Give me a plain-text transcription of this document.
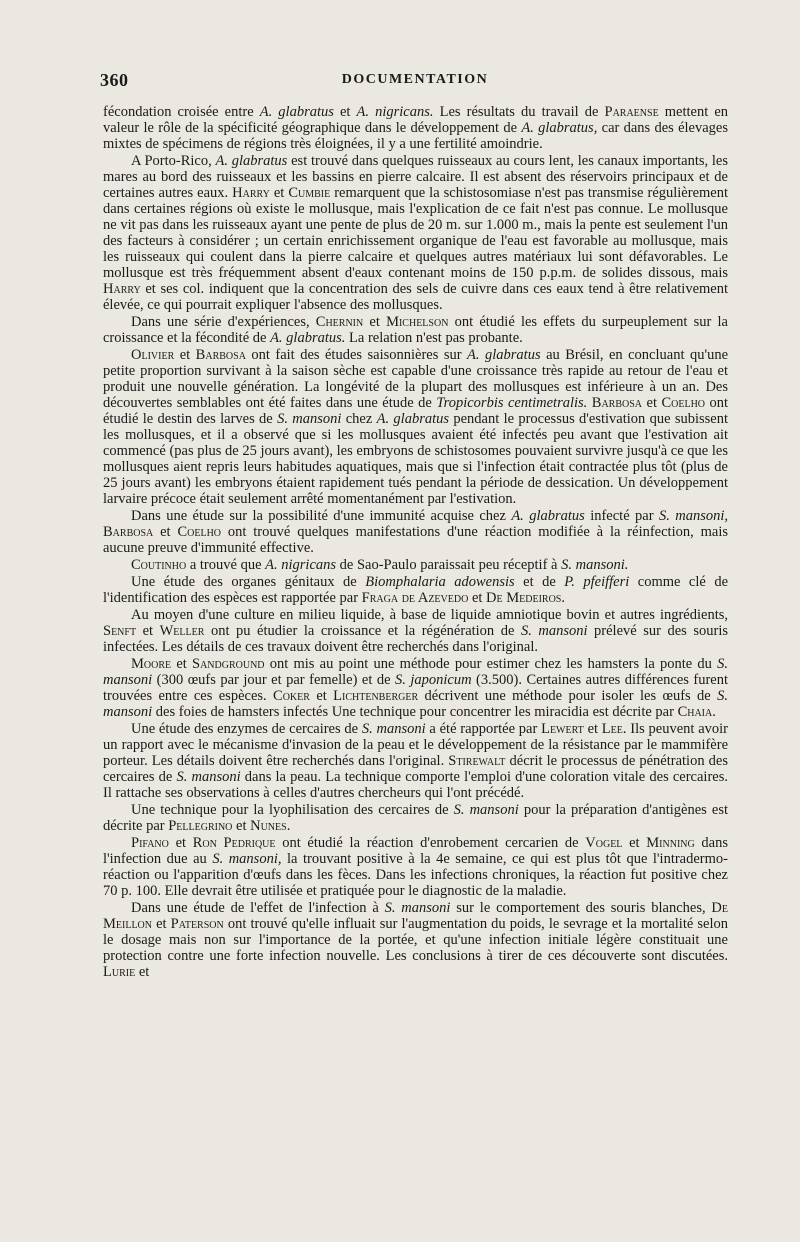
360	DOCUMENTATION

fécondation croisée entre A. glabratus et A. nigricans. Les résultats du travail de Paraense mettent en valeur le rôle de la spécificité géographique dans le développement de A. glabratus, car dans des élevages mixtes de spécimens de régions très éloignées, il y a une fertilité amoindrie.

A Porto-Rico, A. glabratus est trouvé dans quelques ruisseaux au cours lent, les canaux importants, les mares au bord des ruisseaux et les bassins en pierre calcaire. Il est absent des réservoirs principaux et de certaines autres eaux. Harry et Cumbie remarquent que la schistosomiase n'est pas transmise régulièrement dans certaines régions où existe le mollusque, mais l'explication de ce fait n'est pas connue. Le mollusque ne vit pas dans les ruisseaux ayant une pente de plus de 20 m. sur 1.000 m., mais la pente est seulement l'un des facteurs à considérer ; un certain enrichissement organique de l'eau est favorable au mollusque, mais les ruisseaux qui coulent dans la pierre calcaire et quelques autres matériaux lui sont défavorables. Le mollusque est très fréquemment absent d'eaux contenant moins de 150 p.p.m. de solides dissous, mais Harry et ses col. indiquent que la concentration des sels de cuivre dans ces eaux tend à être relativement élevée, ce qui pourrait expliquer l'absence des mollusques.

Dans une série d'expériences, Chernin et Michelson ont étudié les effets du surpeuplement sur la croissance et la fécondité de A. glabratus. La relation n'est pas probante.

Olivier et Barbosa ont fait des études saisonnières sur A. glabratus au Brésil, en concluant qu'une petite proportion survivant à la saison sèche est capable d'une croissance très rapide au retour de l'eau et produit une nouvelle génération. La longévité de la plupart des mollusques est inférieure à un an. Des découvertes semblables ont été faites dans une étude de Tropicorbis centimetralis. Barbosa et Coelho ont étudié le destin des larves de S. mansoni chez A. glabratus pendant le processus d'estivation que subissent les mollusques, et il a observé que si les mollusques avaient été infectés peu avant que l'estivation ait commencé (pas plus de 25 jours avant), les embryons de schistosomes pouvaient survivre jusqu'à ce que les mollusques aient repris leurs habitudes aquatiques, mais que si l'infection était contractée plus tôt (plus de 25 jours avant) les embryons étaient rapidement tués pendant la période de dessication. Un développement larvaire précoce était seulement arrêté momentanément par l'estivation.

Dans une étude sur la possibilité d'une immunité acquise chez A. glabratus infecté par S. mansoni, Barbosa et Coelho ont trouvé quelques manifestations d'une réaction modifiée à la réinfection, mais aucune preuve d'immunité effective.

Coutinho a trouvé que A. nigricans de Sao-Paulo paraissait peu réceptif à S. mansoni.

Une étude des organes génitaux de Biomphalaria adowensis et de P. pfeifferi comme clé de l'identification des espèces est rapportée par Fraga de Azevedo et De Medeiros.

Au moyen d'une culture en milieu liquide, à base de liquide amniotique bovin et autres ingrédients, Senft et Weller ont pu étudier la croissance et la régénération de S. mansoni prélevé sur des souris infectées. Les détails de ces travaux doivent être recherchés dans l'original.

Moore et Sandground ont mis au point une méthode pour estimer chez les hamsters la ponte du S. mansoni (300 œufs par jour et par femelle) et de S. japonicum (3.500). Certaines autres différences furent trouvées entre ces espèces. Coker et Lichtenberger décrivent une méthode pour isoler les œufs de S. mansoni des foies de hamsters infectés Une technique pour concentrer les miracidia est décrite par Chaia.

Une étude des enzymes de cercaires de S. mansoni a été rapportée par Lewert et Lee. Ils peuvent avoir un rapport avec le mécanisme d'invasion de la peau et le développement de la résistance par le mammifère porteur. Les détails doivent être recherchés dans l'original. Stirewalt décrit le processus de pénétration des cercaires de S. mansoni dans la peau. La technique comporte l'emploi d'une coloration vitale des cercaires. Il rattache ses observations à celles d'autres chercheurs qui l'ont précédé.

Une technique pour la lyophilisation des cercaires de S. mansoni pour la préparation d'antigènes est décrite par Pellegrino et Nunes.

Pifano et Ron Pedrique ont étudié la réaction d'enrobement cercarien de Vogel et Minning dans l'infection due au S. mansoni, la trouvant positive à la 4e semaine, ce qui est plus tôt que l'intradermo-réaction ou l'apparition d'œufs dans les fèces. Dans les infections chroniques, la réaction fut positive chez 70 p. 100. Elle devrait être utilisée et pratiquée pour le diagnostic de la maladie.

Dans une étude de l'effet de l'infection à S. mansoni sur le comportement des souris blanches, De Meillon et Paterson ont trouvé qu'elle influait sur l'augmentation du poids, le sevrage et la mortalité selon le dosage mais non sur l'importance de la portée, et qu'une infection initiale légère constituait une protection contre une forte infection nouvelle. Les conclusions à tirer de ces découverte sont discutées. Lurie et
